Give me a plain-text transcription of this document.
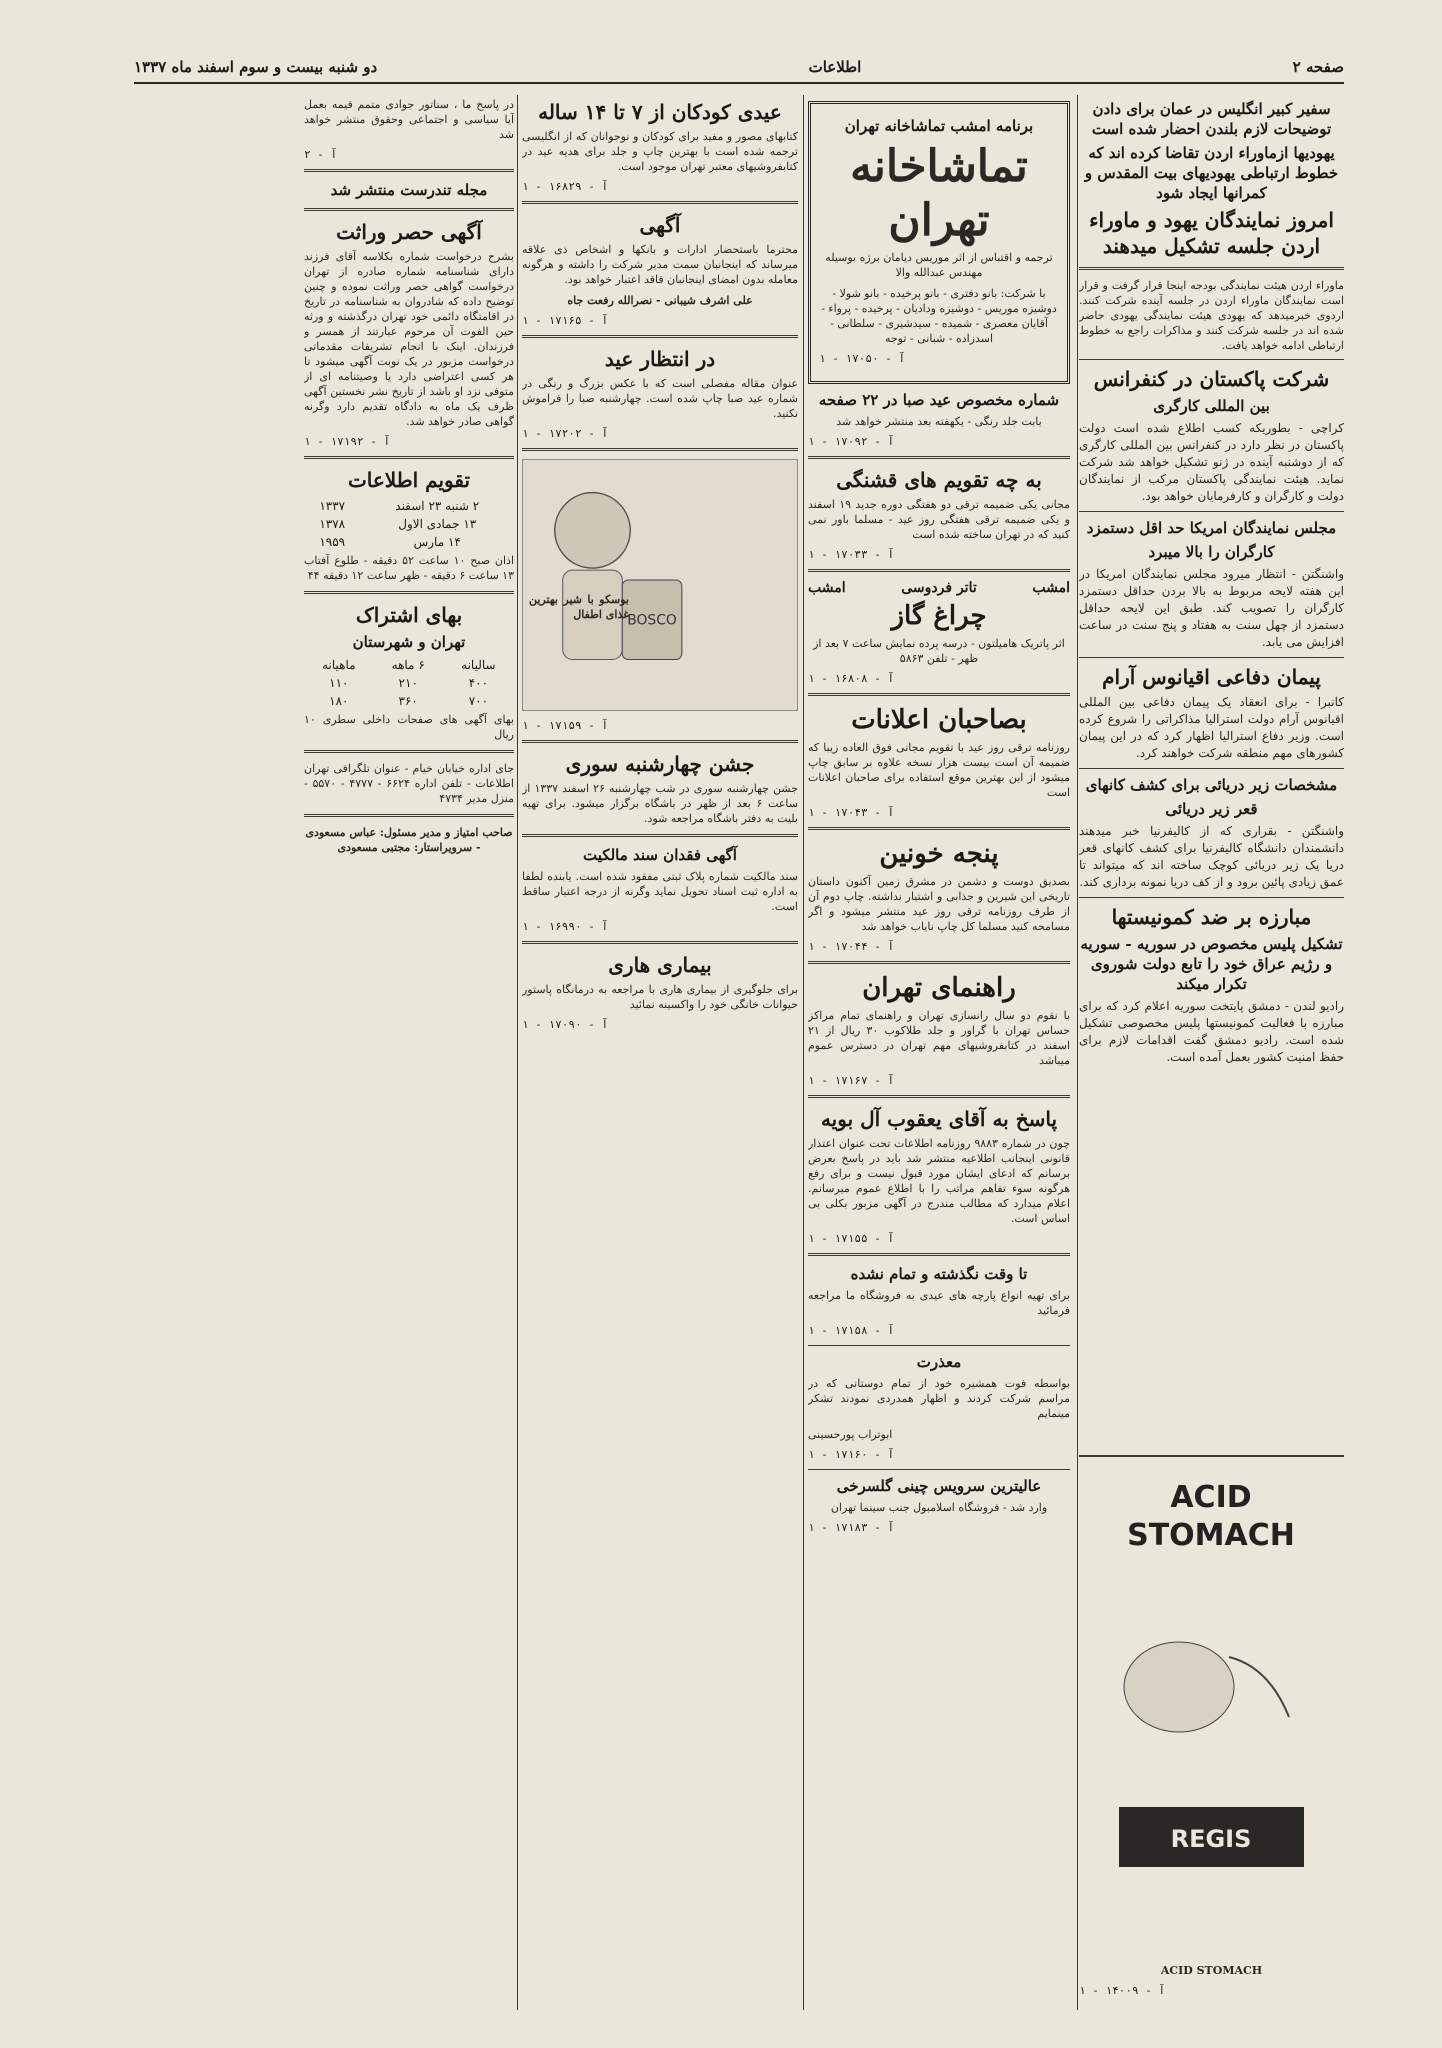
صفحه ۲
اطلاعات
دو شنبه بیست و سوم اسفند ماه ۱۳۳۷
سفیر کبیر انگلیس در عمان برای دادن توضیحات لازم بلندن احضار شده است
یهودیها ازماوراء اردن تقاضا کرده اند که خطوط ارتباطی یهودیهای بیت المقدس و کمرانها ایجاد شود
امروز نمایندگان یهود و ماوراء اردن جلسه تشکیل میدهند
ماوراء اردن هیئت نمایندگی بودجه اینجا قرار گرفت و قرار است نمایندگان ماوراء اردن در جلسه آینده شرکت کنند. اردوی خبرمیدهد که یهودی هیئت نمایندگی یهودی حاضر شده اند در جلسه شرکت کنند و مذاکرات راجع به خطوط ارتباطی ادامه خواهد یافت.
شرکت پاکستان در کنفرانس
بین المللی کارگری
کراچی - بطوریکه کسب اطلاع شده است دولت پاکستان در نظر دارد در کنفرانس بین المللی کارگری که از دوشنبه آینده در ژنو تشکیل خواهد شد شرکت نماید. هیئت نمایندگی پاکستان مرکب از نمایندگان دولت و کارگران و کارفرمایان خواهد بود.
مجلس نمایندگان امریکا حد اقل دستمزد
کارگران را بالا میبرد
واشنگتن - انتظار میرود مجلس نمایندگان امریکا در این هفته لایحه مربوط به بالا بردن حداقل دستمزد کارگران را تصویب کند. طبق این لایحه حداقل دستمزد از چهل سنت به هفتاد و پنج سنت در ساعت افزایش می یابد.
پیمان دفاعی اقیانوس آرام
کانبرا - برای انعقاد یک پیمان دفاعی بین المللی اقیانوس آرام دولت استرالیا مذاکراتی را شروع کرده است. وزیر دفاع استرالیا اظهار کرد که در این پیمان کشورهای مهم منطقه شرکت خواهند کرد.
مشخصات زیر دریائی برای کشف کانهای
قعر زیر دریائی
واشنگتن - بقراری که از کالیفرنیا خبر میدهند دانشمندان دانشگاه کالیفرنیا برای کشف کانهای قعر دریا یک زیر دریائی کوچک ساخته اند که میتواند تا عمق زیادی پائین برود و از کف دریا نمونه برداری کند.
مبارزه بر ضد کمونیستها
تشکیل پلیس مخصوص در سوریه - سوریه و رژیم عراق خود را تابع دولت شوروی تکرار میکند
رادیو لندن - دمشق پایتخت سوریه اعلام کرد که برای مبارزه با فعالیت کمونیستها پلیس مخصوصی تشکیل شده است. رادیو دمشق گفت اقدامات لازم برای حفظ امنیت کشور بعمل آمده است.
برنامه امشب تماشاخانه تهران
تماشاخانه تهران
ترجمه و اقتباس از اثر موریس دیامان برژه بوسیله مهندس عبدالله والا
با شرکت: بانو دفتری - بانو پرخیده - بانو شولا - دوشیزه موریس - دوشیزه ودادیان - پرخیده - پرواء - آقایان معصری - شمیده - سیدشیری - سلطانی - اسدزاده - شبانی - توجه
آ - ۱۷۰۵۰ - ۱
شماره مخصوص عید صبا در ۲۲ صفحه
بابت جلد رنگی - یکهفته بعد منتشر خواهد شد
آ - ۱۷۰۹۲ - ۱
به چه تقویم های قشنگی
مجانی یکی ضمیمه ترقی دو هفتگی دوره جدید ۱۹ اسفند و یکی ضمیمه ترقی هفتگی روز عید - مسلما باور نمی کنید که در تهران ساخته شده است
آ - ۱۷۰۳۳ - ۱
امشب
تاتر فردوسی
امشب
چراغ گاز
اثر پاتریک هامیلتون - درسه پرده نمایش ساعت ۷ بعد از ظهر - تلفن ۵۸۶۳
آ - ۱۶۸۰۸ - ۱
بصاحبان اعلانات
روزنامه ترقی روز عید با تقویم مجانی فوق العاده زیبا که ضمیمه آن است بیست هزار نسخه علاوه بر سابق چاپ میشود از این بهترین موقع استفاده برای صاحبان اعلانات است
آ - ۱۷۰۴۳ - ۱
پنجه خونین
بصدیق دوست و دشمن در مشرق زمین آکنون داستان تاریخی این شیرین و جذابی و اشتبار نداشته. چاپ دوم آن از طرف روزنامه ترقی روز عید منتشر میشود و اگر مسامحه کنید مسلما کل چاپ نایاب خواهد شد
آ - ۱۷۰۴۴ - ۱
راهنمای تهران
با نقوم دو سال رانسازی تهران و راهنمای تمام مراکز حساس تهران با گراور و جلد طلاکوب ۳۰ ریال از ۲۱ اسفند در کتابفروشیهای مهم تهران در دسترس عموم میباشد
آ - ۱۷۱۶۷ - ۱
پاسخ به آقای یعقوب آل بویه
چون در شماره ۹۸۸۳ روزنامه اطلاعات تحت عنوان اعتذار قانونی اینجانب اطلاعیه منتشر شد باید در پاسخ بعرض برسانم که ادعای ایشان مورد قبول نیست و برای رفع هرگونه سوء تفاهم مراتب را با اطلاع عموم میرسانم. اعلام میدارد که مطالب مندرج در آگهی مزبور بکلی بی اساس است.
آ - ۱۷۱۵۵ - ۱
تا وقت نگذشته و تمام نشده
برای تهیه انواع پارچه های عیدی به فروشگاه ما مراجعه فرمائید
آ - ۱۷۱۵۸ - ۱
معذرت
بواسطه فوت همشیره خود از تمام دوستانی که در مراسم شرکت کردند و اظهار همدردی نمودند تشکر مینمایم
ابوتراب پورحسینی
آ - ۱۷۱۶۰ - ۱
عالیترین سرویس چینی گلسرخی
وارد شد - فروشگاه اسلامبول جنب سینما تهران
آ - ۱۷۱۸۳ - ۱
عیدی کودکان از ۷ تا ۱۴ ساله
کتابهای مصور و مفید برای کودکان و نوجوانان که از انگلیسی ترجمه شده است با بهترین چاپ و جلد برای هدیه عید در کتابفروشیهای معتبر تهران موجود است.
آ - ۱۶۸۲۹ - ۱
آگهی
محترما باستحضار ادارات و بانکها و اشخاص ذی علاقه میرساند که اینجانبان سمت مدیر شرکت را داشته و هرگونه معامله بدون امضای اینجانبان فاقد اعتبار خواهد بود.
علی اشرف شیبانی - نصرالله رفعت جاه
آ - ۱۷۱۶۵ - ۱
در انتظار عید
عنوان مقاله مفصلی است که با عکس بزرگ و رنگی در شماره عید صبا چاپ شده است. چهارشنبه صبا را فراموش نکنید.
آ - ۱۷۲۰۲ - ۱
BOSCO
بوسکو با شیر بهترین غذای اطفال
آ - ۱۷۱۵۹ - ۱
جشن چهارشنبه سوری
جشن چهارشنبه سوری در شب چهارشنبه ۲۶ اسفند ۱۳۳۷ از ساعت ۶ بعد از ظهر در باشگاه برگزار میشود. برای تهیه بلیت به دفتر باشگاه مراجعه شود.
آگهی فقدان سند مالکیت
سند مالکیت شماره پلاک ثبتی مفقود شده است. یابنده لطفا به اداره ثبت اسناد تحویل نماید وگرنه از درجه اعتبار ساقط است.
آ - ۱۶۹۹۰ - ۱
بیماری هاری
برای جلوگیری از بیماری هاری با مراجعه به درمانگاه پاستور حیوانات خانگی خود را واکسینه نمائید
آ - ۱۷۰۹۰ - ۱
در پاسخ ما ، سناتور جوادی متمم قیمه بعمل آیا سیاسی و اجتماعی وحقوق منتشر خواهد شد
آ - ۲
مجله تندرست منتشر شد
آگهی حصر وراثت
بشرح درخواست شماره بکلاسه آقای فرزند دارای شناسنامه شماره صادره از تهران درخواست گواهی حصر وراثت نموده و چنین توضیح داده که شادروان به شناسنامه در تاریخ در اقامتگاه دائمی خود تهران درگذشته و ورثه حین الفوت آن مرحوم عبارتند از همسر و فرزندان. اینک با انجام تشریفات مقدماتی درخواست مزبور در یک نوبت آگهی میشود تا هر کسی اعتراضی دارد یا وصیتنامه ای از متوفی نزد او باشد از تاریخ نشر نخستین آگهی ظرف یک ماه به دادگاه تقدیم دارد وگرنه گواهی صادر خواهد شد.
آ - ۱۷۱۹۲ - ۱
تقویم اطلاعات
۲ شنبه ۲۳ اسفند	۱۳۳۷
۱۳ جمادی الاول	۱۳۷۸
۱۴ مارس	۱۹۵۹
اذان صبح ۱۰ ساعت ۵۲ دقیقه - طلوع آفتاب ۱۳ ساعت ۶ دقیقه - ظهر ساعت ۱۲ دقیقه ۴۴
بهای اشتراک
تهران و شهرستان
سالیانه	۶ ماهه	ماهیانه
۴۰۰	۲۱۰	۱۱۰
۷۰۰	۳۶۰	۱۸۰
بهای آگهی های صفحات داخلی سطری ۱۰ ریال
جای اداره خیابان خیام - عنوان تلگرافی تهران اطلاعات - تلفن اداره ۶۶۲۴ - ۴۷۷۷ - ۵۵۷۰ - منزل مدیر ۴۷۳۴
صاحب امتیاز و مدیر مسئول: عباس مسعودی - سرویراستار: مجتبی مسعودی
ACID
STOMACH
REGIS
ACID STOMACH
آ - ۱۴۰۰۹ - ۱
